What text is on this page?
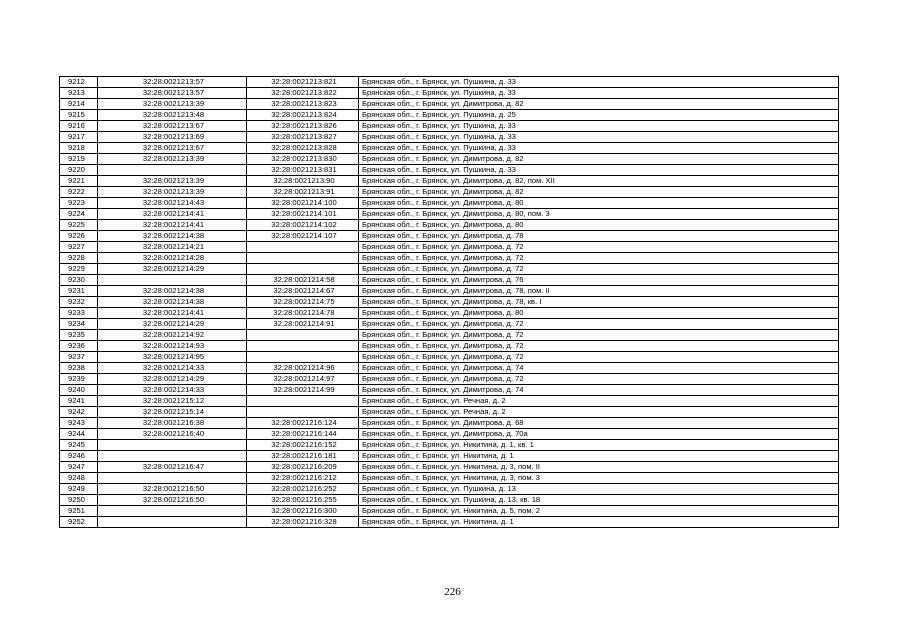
9212	32:28:0021213:57	32:28:0021213:821	Брянская обл., г. Брянск, ул. Пушкина, д. 33
9213	32:28:0021213:57	32:28:0021213:822	Брянская обл., г. Брянск, ул. Пушкина, д. 33
9214	32:28:0021213:39	32:28:0021213:823	Брянская обл., г. Брянск, ул. Димитрова, д. 82
9215	32:28:0021213:48	32:28:0021213:824	Брянская обл., г. Брянск, ул. Пушкина, д. 25
9216	32:28:0021213:67	32:28:0021213:826	Брянская обл., г. Брянск, ул. Пушкина, д. 33
9217	32:28:0021213:69	32:28:0021213:827	Брянская обл., г. Брянск, ул. Пушкина, д. 33
9218	32:28:0021213:67	32:28:0021213:828	Брянская обл., г. Брянск, ул. Пушкина, д. 33
9219	32:28:0021213:39	32:28:0021213:830	Брянская обл., г. Брянск, ул. Димитрова, д. 82
9220		32:28:0021213:831	Брянская обл., г. Брянск, ул. Пушкина, д. 33
9221	32:28:0021213:39	32:28:0021213:90	Брянская обл., г. Брянск, ул. Димитрова, д. 82, пом. XII
9222	32:28:0021213:39	32:28:0021213:91	Брянская обл., г. Брянск, ул. Димитрова, д. 82
9223	32:28:0021214:43	32:28:0021214:100	Брянская обл., г. Брянск, ул. Димитрова, д. 80
9224	32:28:0021214:41	32:28:0021214:101	Брянская обл., г. Брянск, ул. Димитрова, д. 80, пом. 3
9225	32:28:0021214:41	32:28:0021214:102	Брянская обл., г. Брянск, ул. Димитрова, д. 80
9226	32:28:0021214:38	32:28:0021214:107	Брянская обл., г. Брянск, ул. Димитрова, д. 78
9227	32:28:0021214:21		Брянская обл., г. Брянск, ул. Димитрова, д. 72
9228	32:28:0021214:28		Брянская обл., г. Брянск, ул. Димитрова, д. 72
9229	32:28:0021214:29		Брянская обл., г. Брянск, ул. Димитрова, д. 72
9230		32:28:0021214:58	Брянская обл., г. Брянск, ул. Димитрова, д. 76
9231	32:28:0021214:38	32:28:0021214:67	Брянская обл., г. Брянск, ул. Димитрова, д. 78, пом. II
9232	32:28:0021214:38	32:28:0021214:75	Брянская обл., г. Брянск, ул. Димитрова, д. 78, кв. I
9233	32:28:0021214:41	32:28:0021214:78	Брянская обл., г. Брянск, ул. Димитрова, д. 80
9234	32:28:0021214:29	32:28:0021214:91	Брянская обл., г. Брянск, ул. Димитрова, д. 72
9235	32:28:0021214:92		Брянская обл., г. Брянск, ул. Димитрова, д. 72
9236	32:28:0021214:93		Брянская обл., г. Брянск, ул. Димитрова, д. 72
9237	32:28:0021214:95		Брянская обл., г. Брянск, ул. Димитрова, д. 72
9238	32:28:0021214:33	32:28:0021214:96	Брянская обл., г. Брянск, ул. Димитрова, д. 74
9239	32:28:0021214:29	32:28:0021214:97	Брянская обл., г. Брянск, ул. Димитрова, д. 72
9240	32:28:0021214:33	32:28:0021214:99	Брянская обл., г. Брянск, ул. Димитрова, д. 74
9241	32:28:0021215:12		Брянская обл., г. Брянск, ул. Речная, д. 2
9242	32:28:0021215:14		Брянская обл., г. Брянск, ул. Речная, д. 2
9243	32:28:0021216:38	32:28:0021216:124	Брянская обл., г. Брянск, ул. Димитрова, д. 68
9244	32:28:0021216:40	32:28:0021216:144	Брянская обл., г. Брянск, ул. Димитрова, д. 70а
9245		32:28:0021216:152	Брянская обл., г. Брянск, ул. Никитина, д. 1, кв. 1
9246		32:28:0021216:181	Брянская обл., г. Брянск, ул. Никитина, д. 1
9247	32:28:0021216:47	32:28:0021216:209	Брянская обл., г. Брянск, ул. Никитина, д. 3, пом. II
9248		32:28:0021216:212	Брянская обл., г. Брянск, ул. Никитина, д. 3, пом. 3
9249	32:28:0021216:50	32:28:0021216:252	Брянская обл., г. Брянск, ул. Пушкина, д. 13
9250	32:28:0021216:50	32:28:0021216:255	Брянская обл., г. Брянск, ул. Пушкина, д. 13, кв. 18
9251		32:28:0021216:300	Брянская обл., г. Брянск, ул. Никитина, д. 5, пом. 2
9252		32:28:0021216:328	Брянская обл., г. Брянск, ул. Никитина, д. 1
226
